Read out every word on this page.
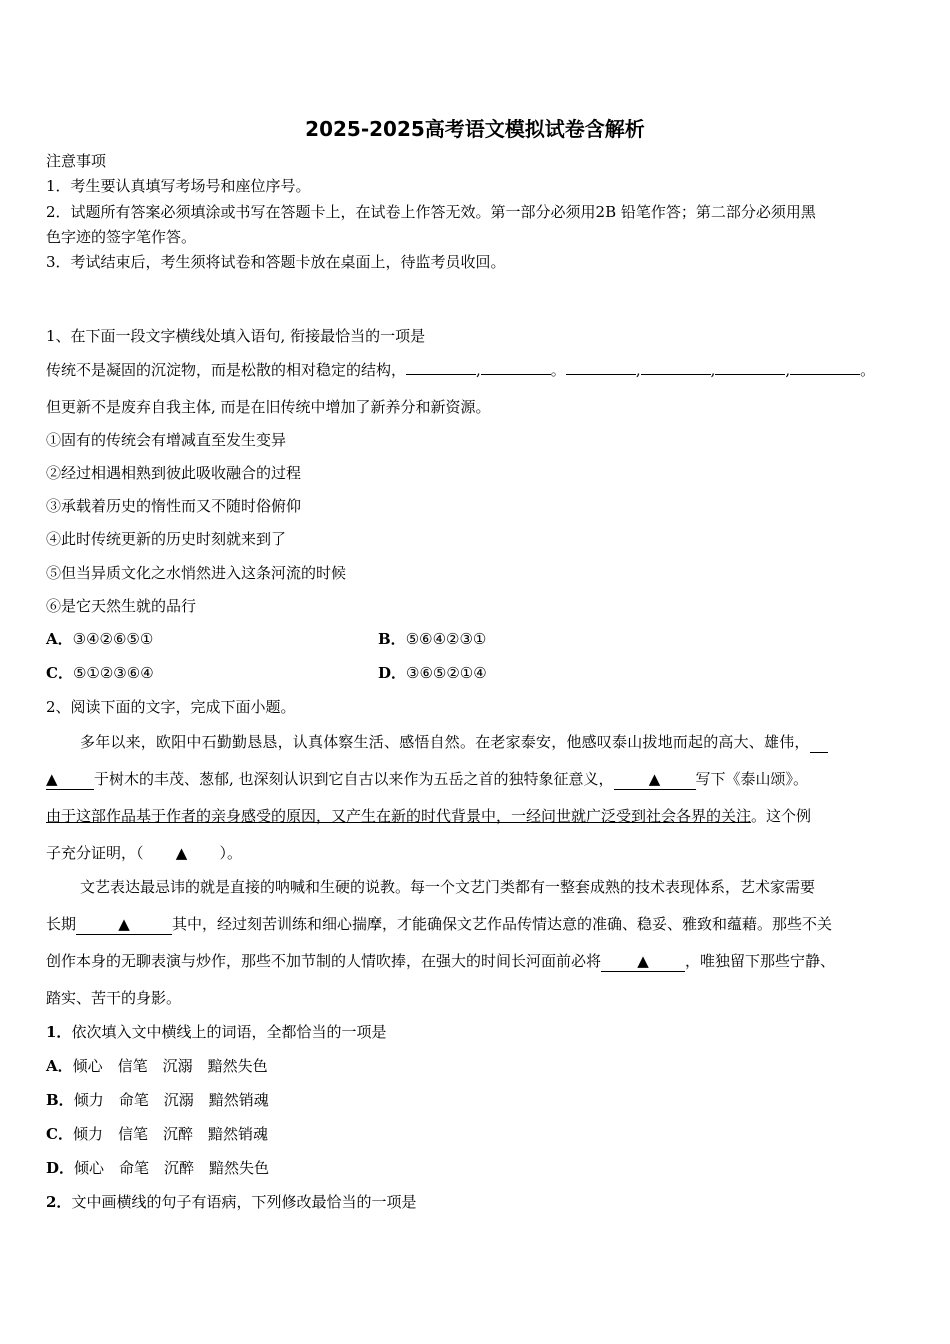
2025-2025高考语文模拟试卷含解析
注意事项
1．考生要认真填写考场号和座位序号。
2．试题所有答案必须填涂或书写在答题卡上，在试卷上作答无效。第一部分必须用2B 铅笔作答；第二部分必须用黑
色字迹的签字笔作答。
3．考试结束后，考生须将试卷和答题卡放在桌面上，待监考员收回。
1、在下面一段文字横线处填入语句, 衔接最恰当的一项是
传统不是凝固的沉淀物，而是松散的相对稳定的结构，	,	。	,	,	,	。
但更新不是废弃自我主体, 而是在旧传统中增加了新养分和新资源。
①固有的传统会有增减直至发生变异
②经过相遇相熟到彼此吸收融合的过程
③承载着历史的惰性而又不随时俗俯仰
④此时传统更新的历史时刻就来到了
⑤但当异质文化之水悄然进入这条河流的时候
⑥是它天然生就的品行
A．③④②⑥⑤①	B．⑤⑥④②③①
C．⑤①②③⑥④	D．③⑥⑤②①④
2、阅读下面的文字，完成下面小题。
多年以来，欧阳中石勤勤恳恳，认真体察生活、感悟自然。在老家泰安，他感叹泰山拔地而起的高大、雄伟，
▲ 于树木的丰茂、葱郁, 也深刻认识到它自古以来作为五岳之首的独特象征意义， ▲ 写下《泰山颂》。
由于这部作品基于作者的亲身感受的原因，又产生在新的时代背景中，一经问世就广泛受到社会各界的关注。这个例
子充分证明，（ ▲ ）。
文艺表达最忌讳的就是直接的呐喊和生硬的说教。每一个文艺门类都有一整套成熟的技术表现体系，艺术家需要
长期	▲	其中，经过刻苦训练和细心揣摩，才能确保文艺作品传情达意的准确、稳妥、雅致和蕴藉。那些不关
创作本身的无聊表演与炒作，那些不加节制的人情吹捧，在强大的时间长河面前必将 ▲ ，唯独留下那些宁静、
踏实、苦干的身影。
1．依次填入文中横线上的词语，全都恰当的一项是
A．倾心　信笔　沉溺　黯然失色
B．倾力　命笔　沉溺　黯然销魂
C．倾力　信笔　沉醉　黯然销魂
D．倾心　命笔　沉醉　黯然失色
2．文中画横线的句子有语病，下列修改最恰当的一项是
